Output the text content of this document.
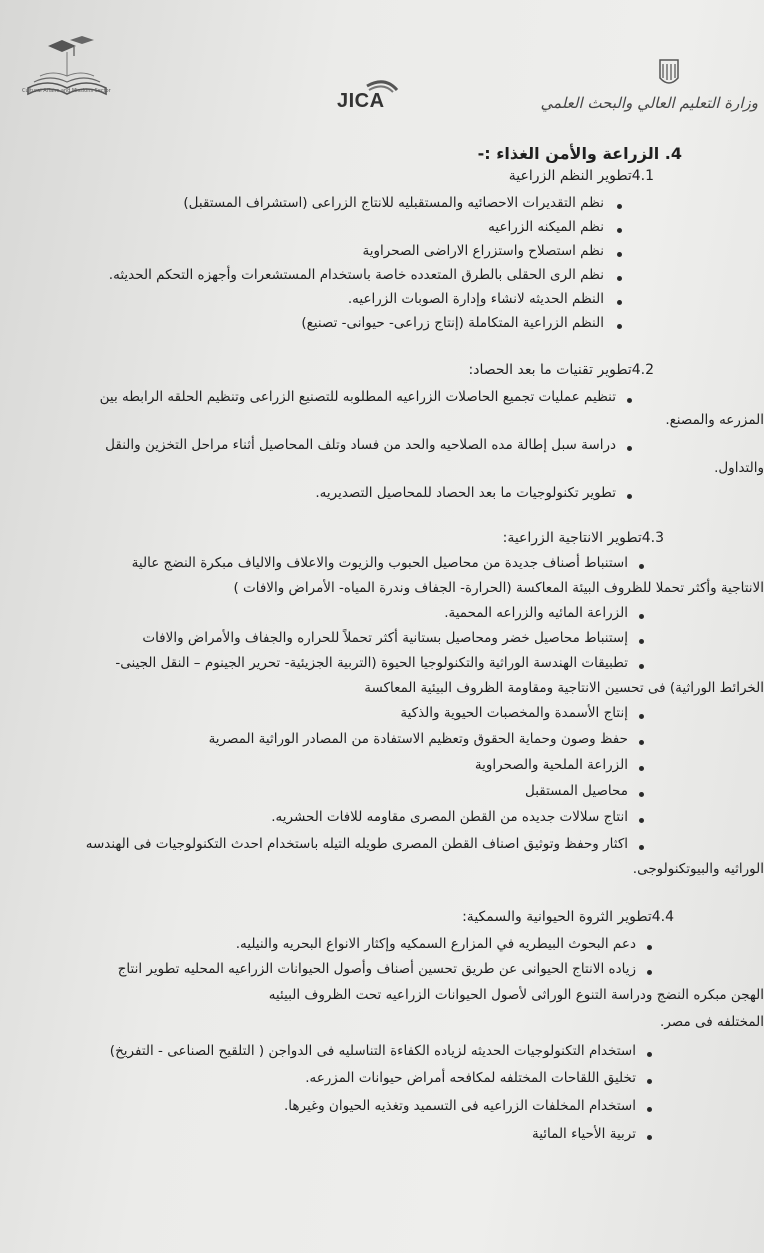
Cultural Affairs and Missions Sector	JICA	وزارة التعليم العالي والبحث العلمي
4. الزراعة والأمن الغذاء :-
4.1تطوير النظم الزراعية
نظم التقديرات الاحصائيه والمستقبليه للانتاج الزراعى (استشراف المستقبل)
نظم الميكنه الزراعيه
نظم استصلاح واستزراع الاراضى الصحراوية
نظم الرى الحقلى بالطرق المتعدده خاصة باستخدام المستشعرات وأجهزه التحكم الحديثه.
النظم الحديثه لانشاء وإدارة الصوبات الزراعيه.
النظم الزراعية المتكاملة (إنتاج زراعى- حيوانى- تصنيع)
4.2تطوير تقنيات ما بعد الحصاد:
تنظيم عمليات تجميع الحاصلات الزراعيه المطلوبه للتصنيع الزراعى وتنظيم الحلقه الرابطه بين
المزرعه والمصنع.
دراسة سبل إطالة مده الصلاحيه والحد من فساد وتلف المحاصيل أثناء مراحل التخزين والنقل
والتداول.
تطوير تكنولوجيات ما بعد الحصاد للمحاصيل التصديريه.
4.3تطوير الانتاجية الزراعية:
استنباط أصناف جديدة من محاصيل الحبوب والزيوت والاعلاف والالياف مبكرة النضج عالية
الانتاجية وأكثر تحملا للظروف البيئة المعاكسة (الحرارة- الجفاف وندرة المياه- الأمراض والافات )
الزراعة المائيه والزراعه المحمية.
إستنباط محاصيل خضر ومحاصيل بستانية أكثر تحملاً للحراره والجفاف والأمراض والافات
تطبيقات الهندسة الوراثية والتكنولوجيا الحيوة (التربية الجزيئية- تحرير الجينوم – النقل الجينى-
الخرائط الوراثية) فى تحسين الانتاجية ومقاومة الظروف البيئية المعاكسة
إنتاج الأسمدة والمخصبات الحيوية والذكية
حفظ وصون وحماية الحقوق وتعظيم الاستفادة من المصادر الوراثية المصرية
الزراعة الملحية والصحراوية
محاصيل المستقبل
انتاج سلالات جديده من القطن المصرى مقاومه للافات الحشريه.
اكثار وحفظ وتوثيق اصناف القطن المصرى طويله التيله باستخدام احدث التكنولوجيات فى الهندسه
الوراثيه والبيوتكنولوجى.
4.4تطوير الثروة الحيوانية والسمكية:
دعم البحوث البيطريه في المزارع السمكيه وإكثار الانواع البحريه والنيليه.
زياده الانتاج الحيوانى عن طريق تحسين أصناف وأصول الحيوانات الزراعيه المحليه تطوير انتاج
الهجن مبكره النضج ودراسة التنوع الوراثى لأصول الحيوانات الزراعيه تحت الظروف البيئيه
المختلفه فى مصر.
استخدام التكنولوجيات الحديثه لزياده الكفاءة التناسليه فى الدواجن ( التلقيح الصناعى - التفريخ)
تخليق اللقاحات المختلفه لمكافحه أمراض حيوانات المزرعه.
استخدام المخلفات الزراعيه فى التسميد وتغذيه الحيوان وغيرها.
تربية الأحياء المائية
